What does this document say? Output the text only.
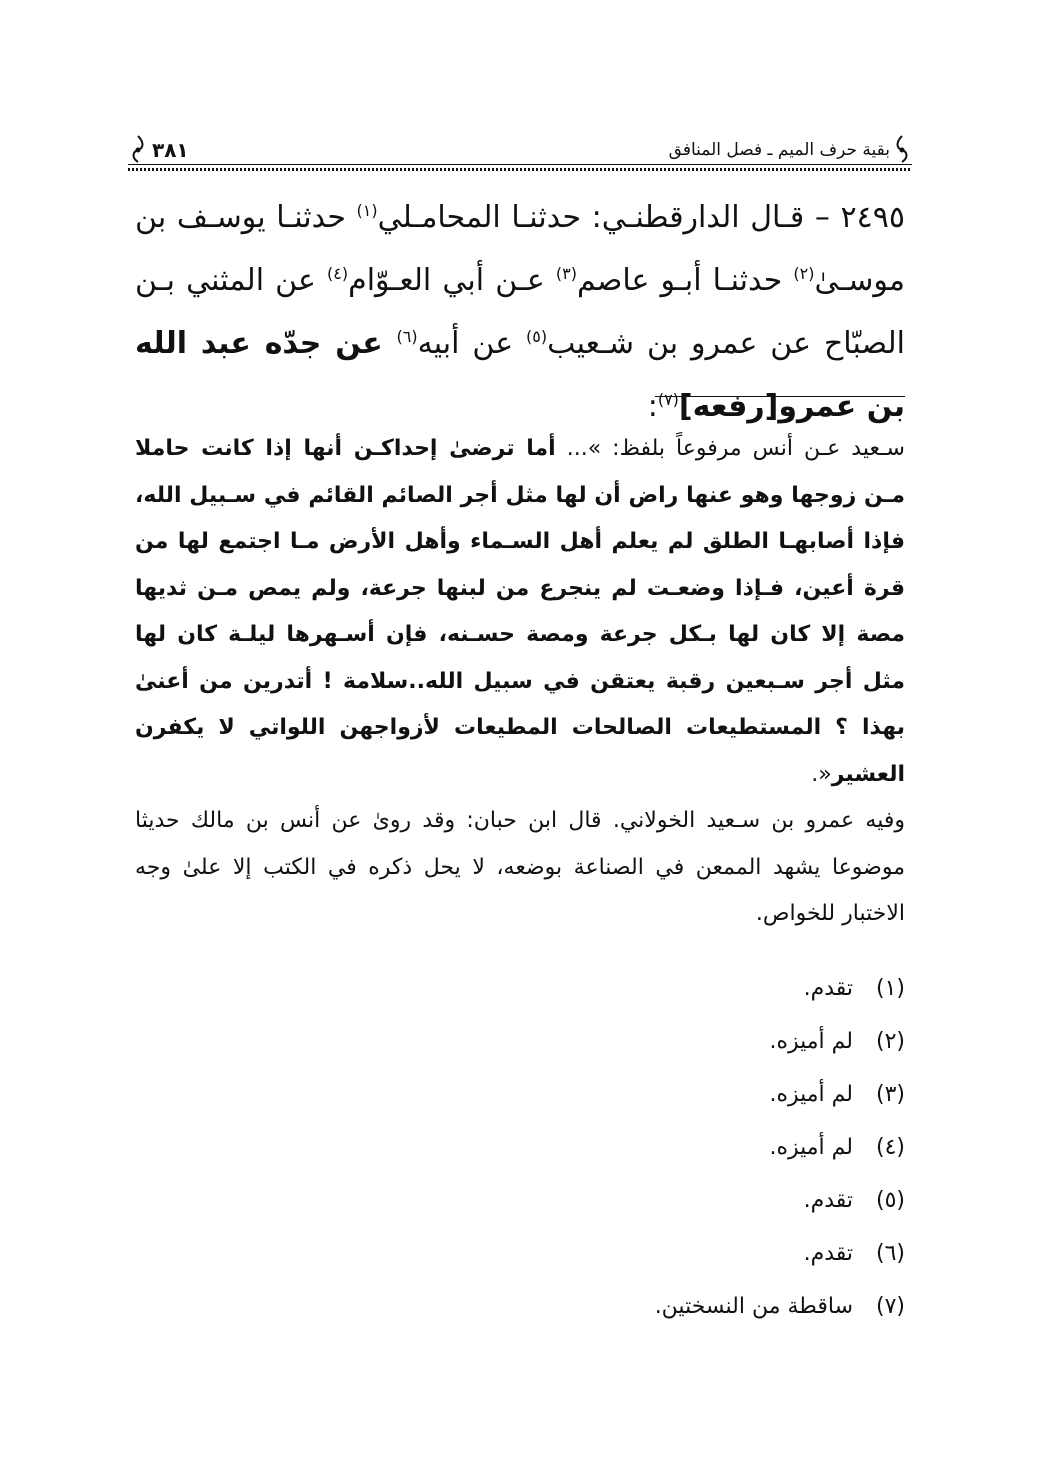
بقية حرف الميم ـ فصل المنافق
٣٨١

٢٤٩٥ – قـال الدارقطنـي: حدثنـا المحامـلي$^{(١)}$ حدثنـا يوسـف بن موسـىٰ$^{(٢)}$ حدثنـا أبـو عاصم$^{(٣)}$ عـن أبي العـوّام$^{(٤)}$ عن المثني بـن الصبّاح عن عمرو بن شـعيب$^{(٥)}$ عن أبيه$^{(٦)}$ عن جدّه عبد الله بن عمرو[رفعه]$^{(٧)}$:

سـعيد عـن أنس مرفوعاً بلفظ: »... أما ترضىٰ إحداكـن أنها إذا كانت حاملا مـن زوجها وهو عنها راض أن لها مثل أجر الصائم القائم في سـبيل الله، فإذا أصابهـا الطلق لم يعلم أهل السـماء وأهل الأرض مـا اجتمع لها من قرة أعين، فـإذا وضعـت لم ينجرع من لبنها جرعة، ولم يمص مـن ثديها مصة إلا كان لها بـكل جرعة ومصة حسـنه، فإن أسـهرها ليلـة كان لها مثل أجر سـبعين رقبة يعتقن في سبيل الله..سلامة ! أتدرين من أعنىٰ بهذا ؟ المستطيعات الصالحات المطيعات لأزواجهن اللواتي لا يكفرن العشير«.

وفيه عمرو بن سـعيد الخولاني. قال ابن حبان: وقد روىٰ عن أنس بن مالك حديثا موضوعا يشهد الممعن في الصناعة بوضعه، لا يحل ذكره في الكتب إلا علىٰ وجه الاختبار للخواص.

(١)تقدم.
(٢)لم أميزه.
(٣)لم أميزه.
(٤)لم أميزه.
(٥)تقدم.
(٦)تقدم.
(٧)ساقطة من النسختين.
